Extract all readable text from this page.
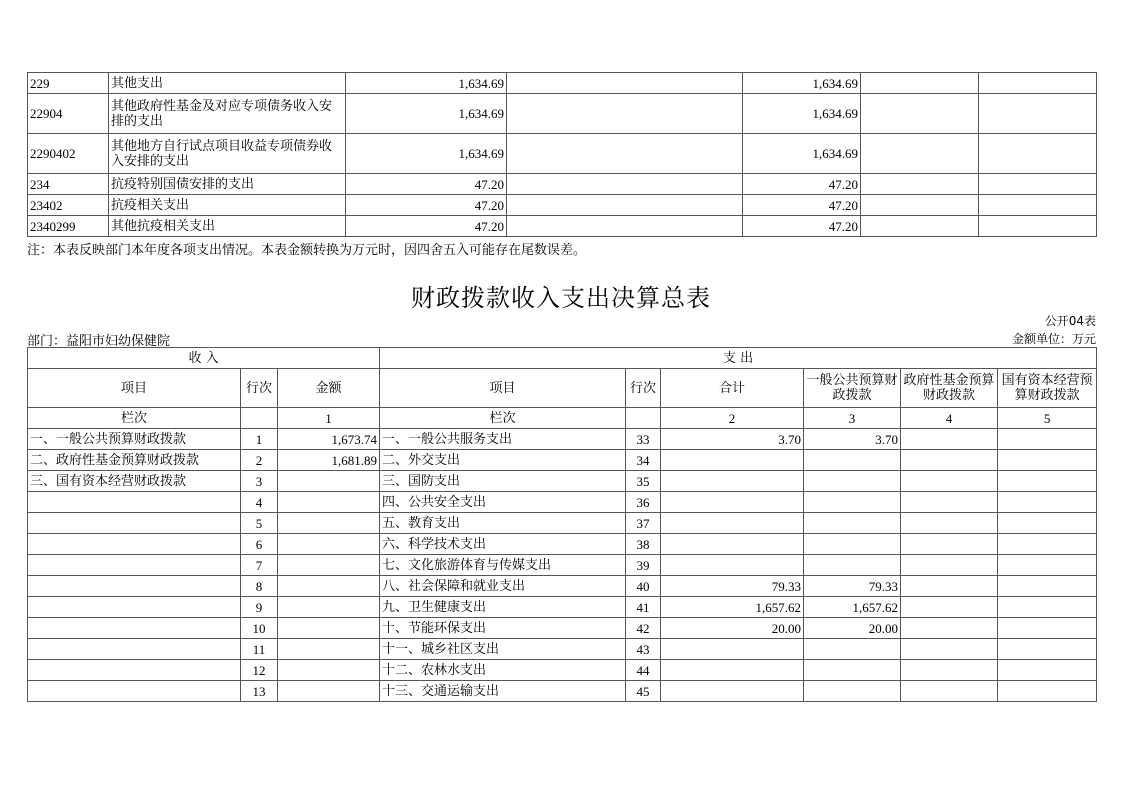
229	其他支出	1,634.69		1,634.69		
22904	其他政府性基金及对应专项债务收入安排的支出	1,634.69		1,634.69		
2290402	其他地方自行试点项目收益专项债券收入安排的支出	1,634.69		1,634.69		
234	抗疫特别国债安排的支出	47.20		47.20		
23402	抗疫相关支出	47.20		47.20		
2340299	其他抗疫相关支出	47.20		47.20		
注：本表反映部门本年度各项支出情况。本表金额转换为万元时，因四舍五入可能存在尾数误差。
财政拨款收入支出决算总表
公开04表
部门：益阳市妇幼保健院	金额单位：万元
收 入			支 出					
项目	行次	金额	项目	行次	合计	一般公共预算财政拨款	政府性基金预算财政拨款	国有资本经营预算财政拨款
栏次		1	栏次		2	3	4	5
一、一般公共预算财政拨款	1	1,673.74	一、一般公共服务支出	33	3.70	3.70		
二、政府性基金预算财政拨款	2	1,681.89	二、外交支出	34				
三、国有资本经营财政拨款	3		三、国防支出	35				
	4		四、公共安全支出	36				
	5		五、教育支出	37				
	6		六、科学技术支出	38				
	7		七、文化旅游体育与传媒支出	39				
	8		八、社会保障和就业支出	40	79.33	79.33		
	9		九、卫生健康支出	41	1,657.62	1,657.62		
	10		十、节能环保支出	42	20.00	20.00		
	11		十一、城乡社区支出	43				
	12		十二、农林水支出	44				
	13		十三、交通运输支出	45				
